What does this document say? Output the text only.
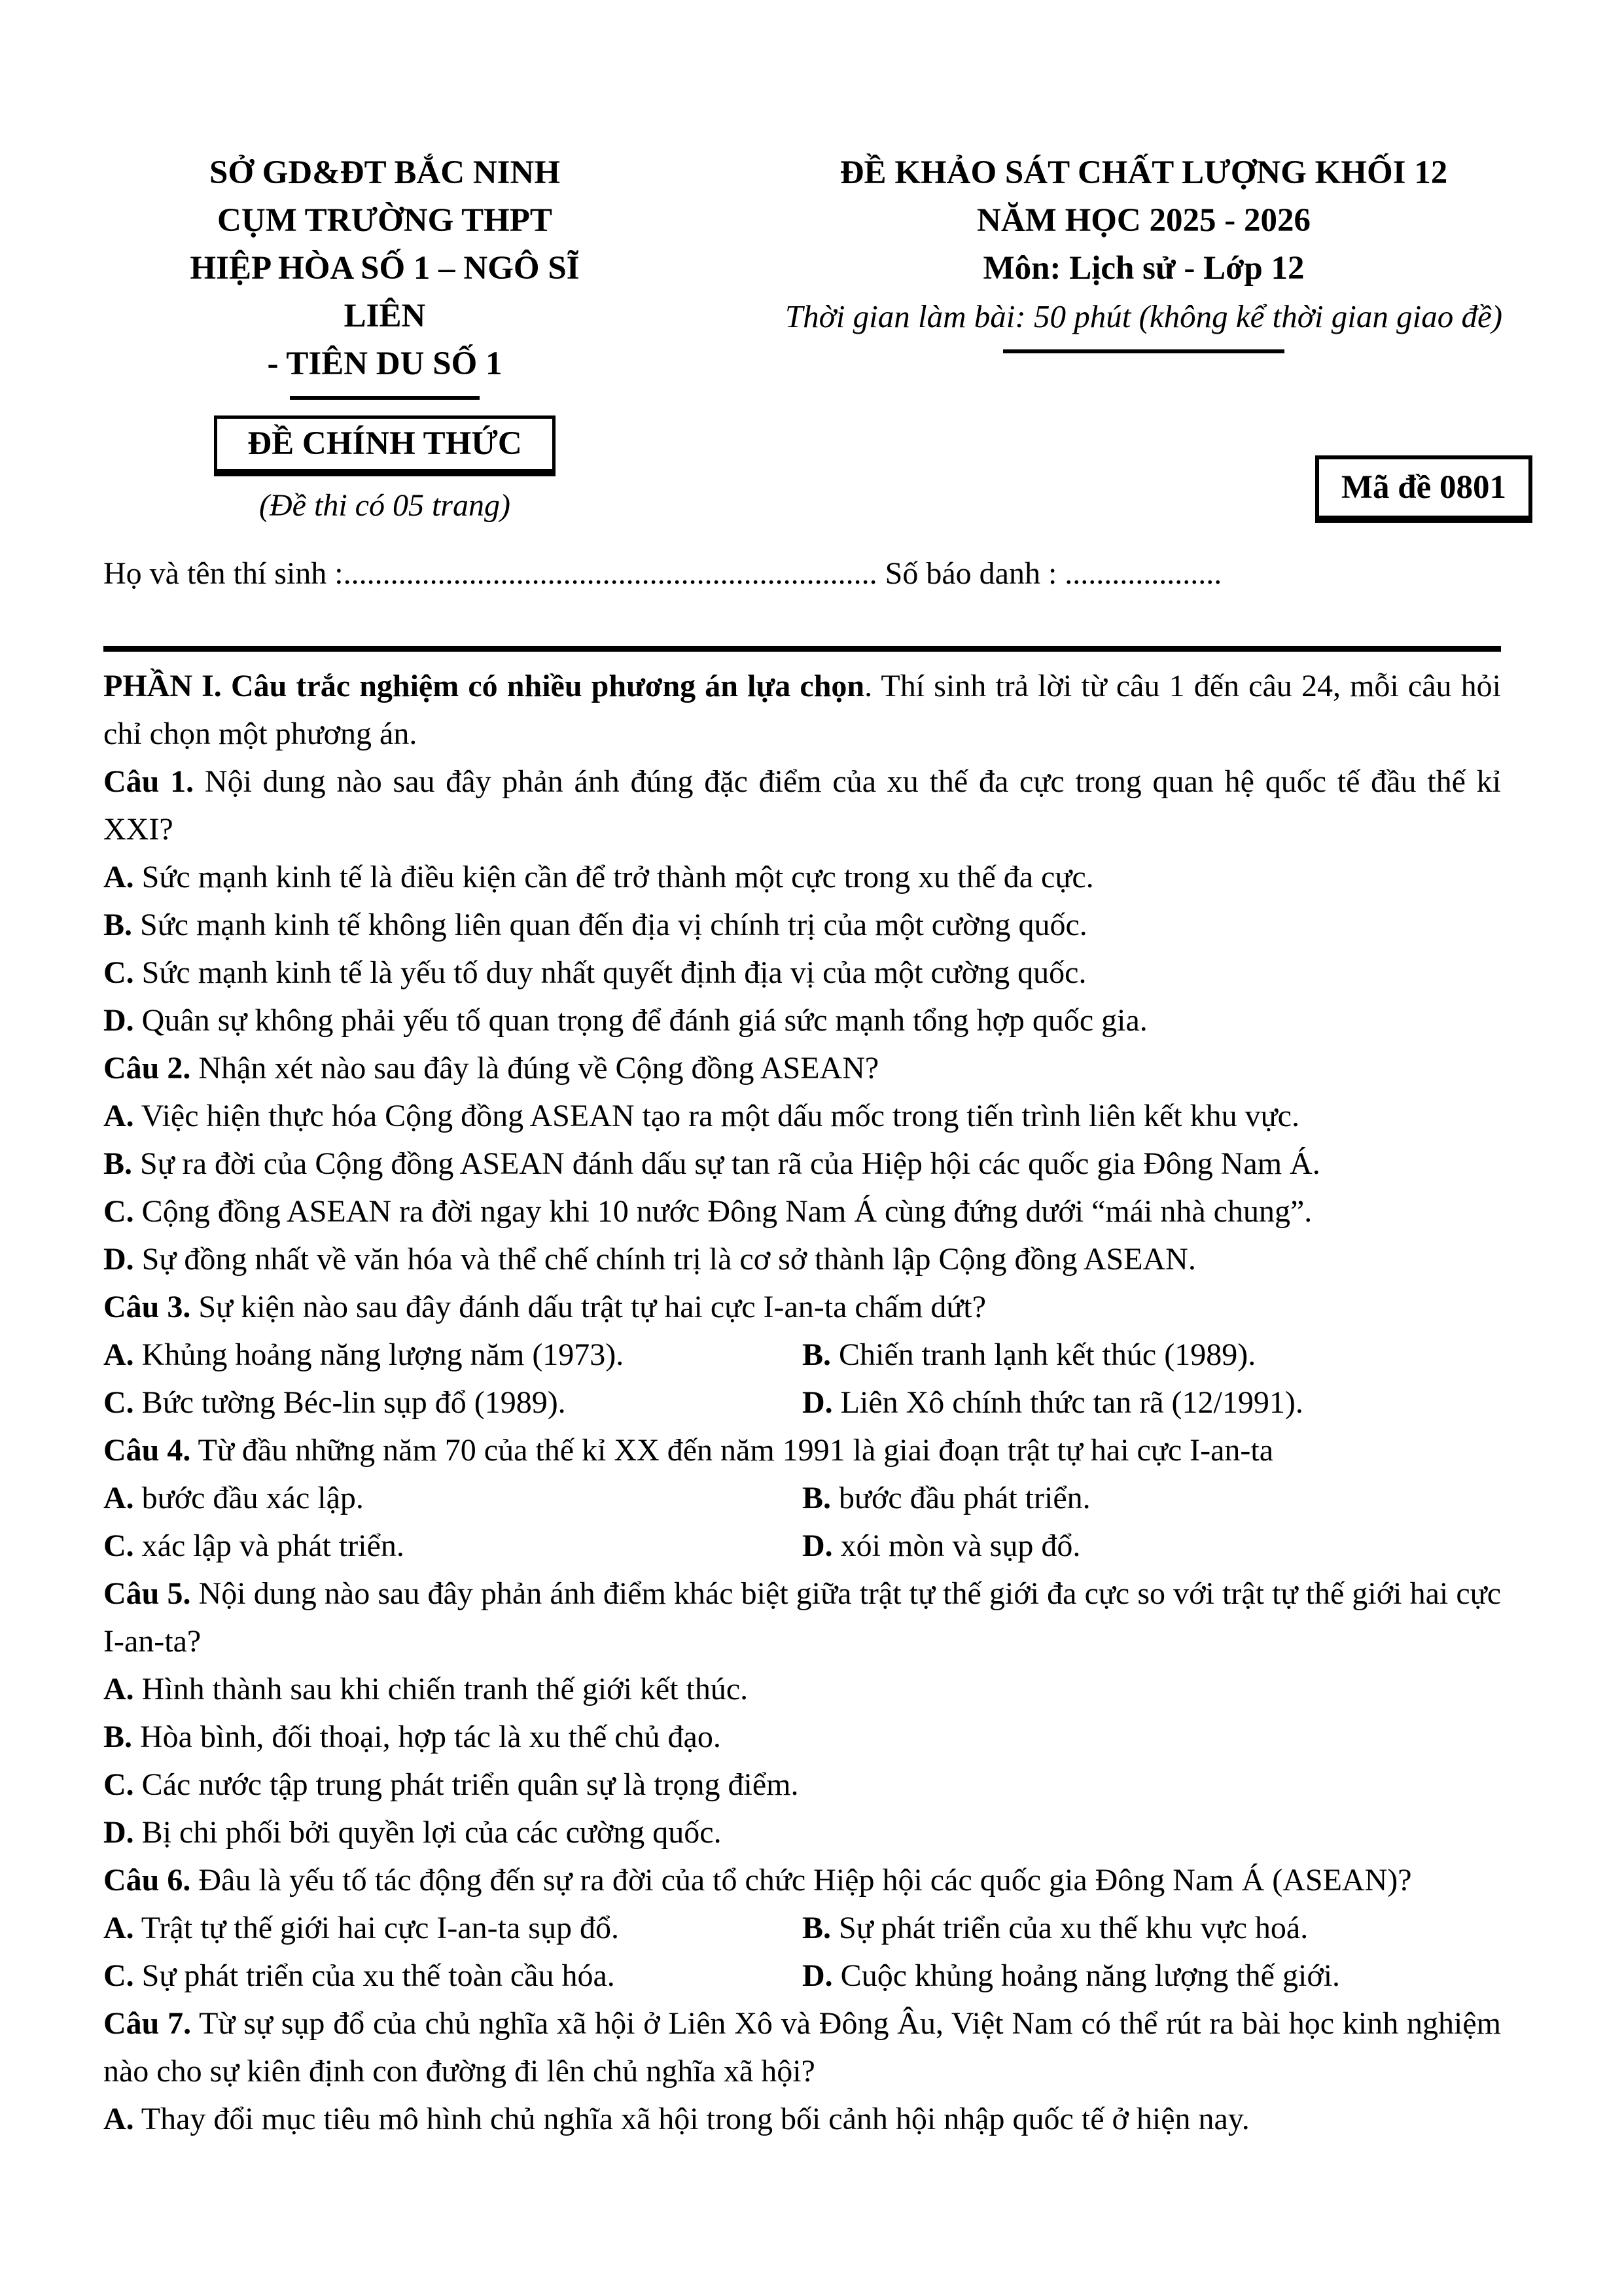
SỞ GD&ĐT BẮC NINH
CỤM TRƯỜNG THPT
HIỆP HÒA SỐ 1 – NGÔ SĨ LIÊN
- TIÊN DU SỐ 1
ĐỀ CHÍNH THỨC
(Đề thi có 05 trang)
ĐỀ KHẢO SÁT CHẤT LƯỢNG KHỐI 12
NĂM HỌC 2025 - 2026
Môn: Lịch sử - Lớp 12
Thời gian làm bài: 50 phút (không kể thời gian giao đề)
Mã đề 0801
Họ và tên thí sinh :.................................................................... Số báo danh : ....................

PHẦN I. Câu trắc nghiệm có nhiều phương án lựa chọn. Thí sinh trả lời từ câu 1 đến câu 24, mỗi câu hỏi chỉ chọn một phương án.

Câu 1. Nội dung nào sau đây phản ánh đúng đặc điểm của xu thế đa cực trong quan hệ quốc tế đầu thế kỉ XXI?

A. Sức mạnh kinh tế là điều kiện cần để trở thành một cực trong xu thế đa cực.

B. Sức mạnh kinh tế không liên quan đến địa vị chính trị của một cường quốc.

C. Sức mạnh kinh tế là yếu tố duy nhất quyết định địa vị của một cường quốc.

D. Quân sự không phải yếu tố quan trọng để đánh giá sức mạnh tổng hợp quốc gia.

Câu 2. Nhận xét nào sau đây là đúng về Cộng đồng ASEAN?

A. Việc hiện thực hóa Cộng đồng ASEAN tạo ra một dấu mốc trong tiến trình liên kết khu vực.

B. Sự ra đời của Cộng đồng ASEAN đánh dấu sự tan rã của Hiệp hội các quốc gia Đông Nam Á.

C. Cộng đồng ASEAN ra đời ngay khi 10 nước Đông Nam Á cùng đứng dưới “mái nhà chung”.

D. Sự đồng nhất về văn hóa và thể chế chính trị là cơ sở thành lập Cộng đồng ASEAN.

Câu 3. Sự kiện nào sau đây đánh dấu trật tự hai cực I-an-ta chấm dứt?

A. Khủng hoảng năng lượng năm (1973).	B. Chiến tranh lạnh kết thúc (1989).

C. Bức tường Béc-lin sụp đổ (1989).	D. Liên Xô chính thức tan rã (12/1991).

Câu 4. Từ đầu những năm 70 của thế kỉ XX đến năm 1991 là giai đoạn trật tự hai cực I-an-ta

A. bước đầu xác lập.	B. bước đầu phát triển.

C. xác lập và phát triển.	D. xói mòn và sụp đổ.

Câu 5. Nội dung nào sau đây phản ánh điểm khác biệt giữa trật tự thế giới đa cực so với trật tự thế giới hai cực I-an-ta?

A. Hình thành sau khi chiến tranh thế giới kết thúc.

B. Hòa bình, đối thoại, hợp tác là xu thế chủ đạo.

C. Các nước tập trung phát triển quân sự là trọng điểm.

D. Bị chi phối bởi quyền lợi của các cường quốc.

Câu 6. Đâu là yếu tố tác động đến sự ra đời của tổ chức Hiệp hội các quốc gia Đông Nam Á (ASEAN)?

A. Trật tự thế giới hai cực I-an-ta sụp đổ.	B. Sự phát triển của xu thế khu vực hoá.

C. Sự phát triển của xu thế toàn cầu hóa.	D. Cuộc khủng hoảng năng lượng thế giới.

Câu 7. Từ sự sụp đổ của chủ nghĩa xã hội ở Liên Xô và Đông Âu, Việt Nam có thể rút ra bài học kinh nghiệm nào cho sự kiên định con đường đi lên chủ nghĩa xã hội?

A. Thay đổi mục tiêu mô hình chủ nghĩa xã hội trong bối cảnh hội nhập quốc tế ở hiện nay.
